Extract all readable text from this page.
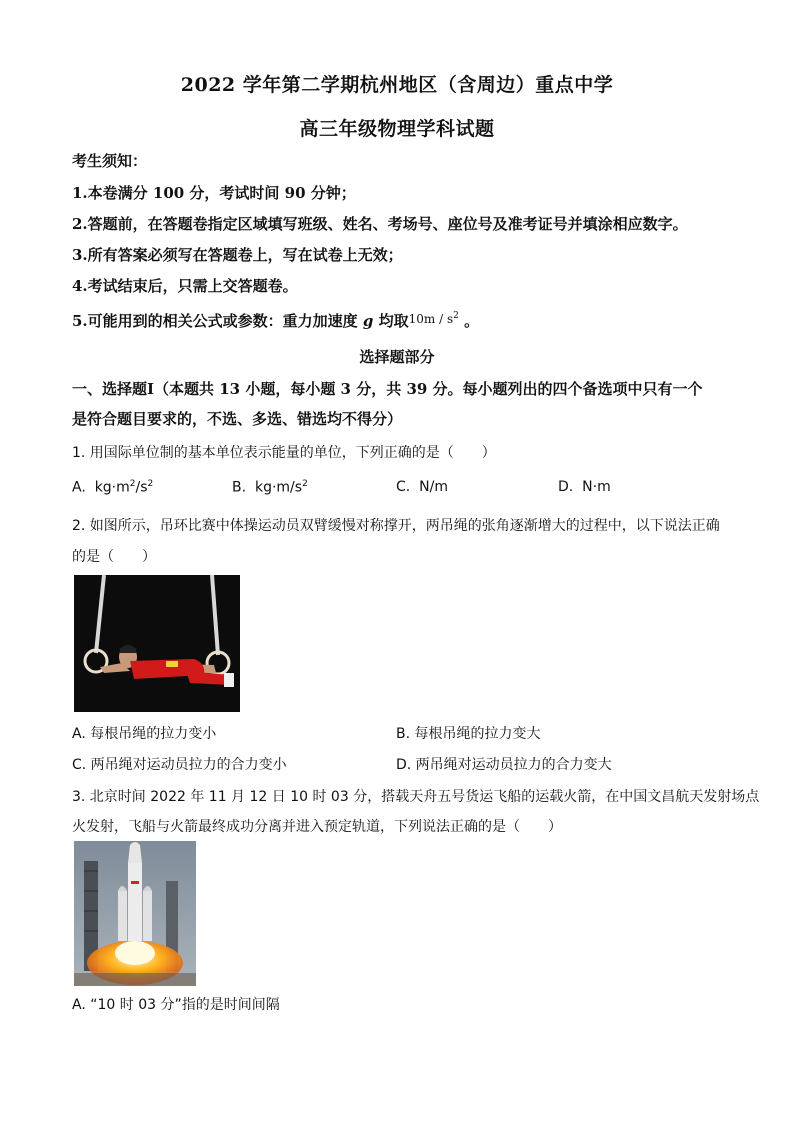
2022 学年第二学期杭州地区（含周边）重点中学
高三年级物理学科试题
考生须知：
1.本卷满分 100 分，考试时间 90 分钟；
2.答题前，在答题卷指定区域填写班级、姓名、考场号、座位号及准考证号并填涂相应数字。
3.所有答案必须写在答题卷上，写在试卷上无效；
4.考试结束后，只需上交答题卷。
5.可能用到的相关公式或参数：重力加速度 g 均取$^{10m / s^2}$ 。
选择题部分
一、选择题Ⅰ（本题共 13 小题，每小题 3 分，共 39 分。每小题列出的四个备选项中只有一个
是符合题目要求的，不选、多选、错选均不得分）
1. 用国际单位制的基本单位表示能量的单位，下列正确的是（　　）
A. $kg\cdot m^2/s^2$	B. $kg\cdot m/s^2$	C. N/m	D. N·m
2. 如图所示，吊环比赛中体操运动员双臂缓慢对称撑开，两吊绳的张角逐渐增大的过程中，以下说法正确
的是（　　）
A. 每根吊绳的拉力变小	B. 每根吊绳的拉力变大
C. 两吊绳对运动员拉力的合力变小	D. 两吊绳对运动员拉力的合力变大
3. 北京时间 2022 年 11 月 12 日 10 时 03 分，搭载天舟五号货运飞船的运载火箭，在中国文昌航天发射场点
火发射，飞船与火箭最终成功分离并进入预定轨道，下列说法正确的是（　　）
A. “10 时 03 分”指的是时间间隔
